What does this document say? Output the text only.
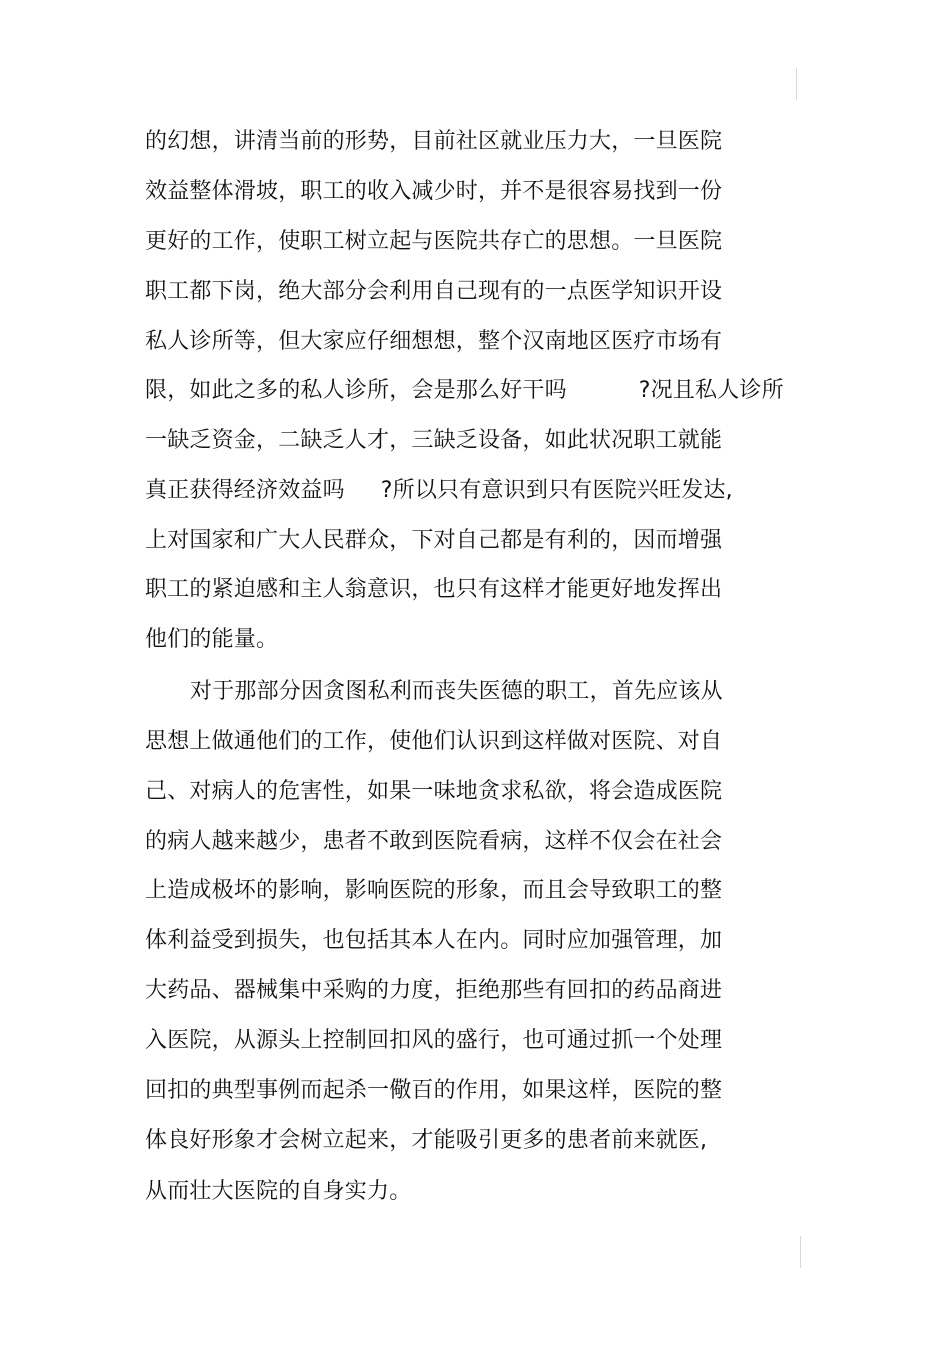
的幻想，讲清当前的形势，目前社区就业压力大，一旦医院
效益整体滑坡，职工的收入减少时，并不是很容易找到一份
更好的工作，使职工树立起与医院共存亡的思想。一旦医院
职工都下岗，绝大部分会利用自己现有的一点医学知识开设
私人诊所等，但大家应仔细想想，整个汉南地区医疗市场有
限，如此之多的私人诊所，会是那么好干吗          ?况且私人诊所
一缺乏资金，二缺乏人才，三缺乏设备，如此状况职工就能
真正获得经济效益吗     ?所以只有意识到只有医院兴旺发达,
上对国家和广大人民群众，下对自己都是有利的，因而增强
职工的紧迫感和主人翁意识，也只有这样才能更好地发挥出
他们的能量。
对于那部分因贪图私利而丧失医德的职工，首先应该从
思想上做通他们的工作，使他们认识到这样做对医院、对自
己、对病人的危害性，如果一味地贪求私欲，将会造成医院
的病人越来越少，患者不敢到医院看病，这样不仅会在社会
上造成极坏的影响，影响医院的形象，而且会导致职工的整
体利益受到损失，也包括其本人在内。同时应加强管理，加
大药品、器械集中采购的力度，拒绝那些有回扣的药品商进
入医院，从源头上控制回扣风的盛行，也可通过抓一个处理
回扣的典型事例而起杀一儆百的作用，如果这样，医院的整
体良好形象才会树立起来，才能吸引更多的患者前来就医,
从而壮大医院的自身实力。
